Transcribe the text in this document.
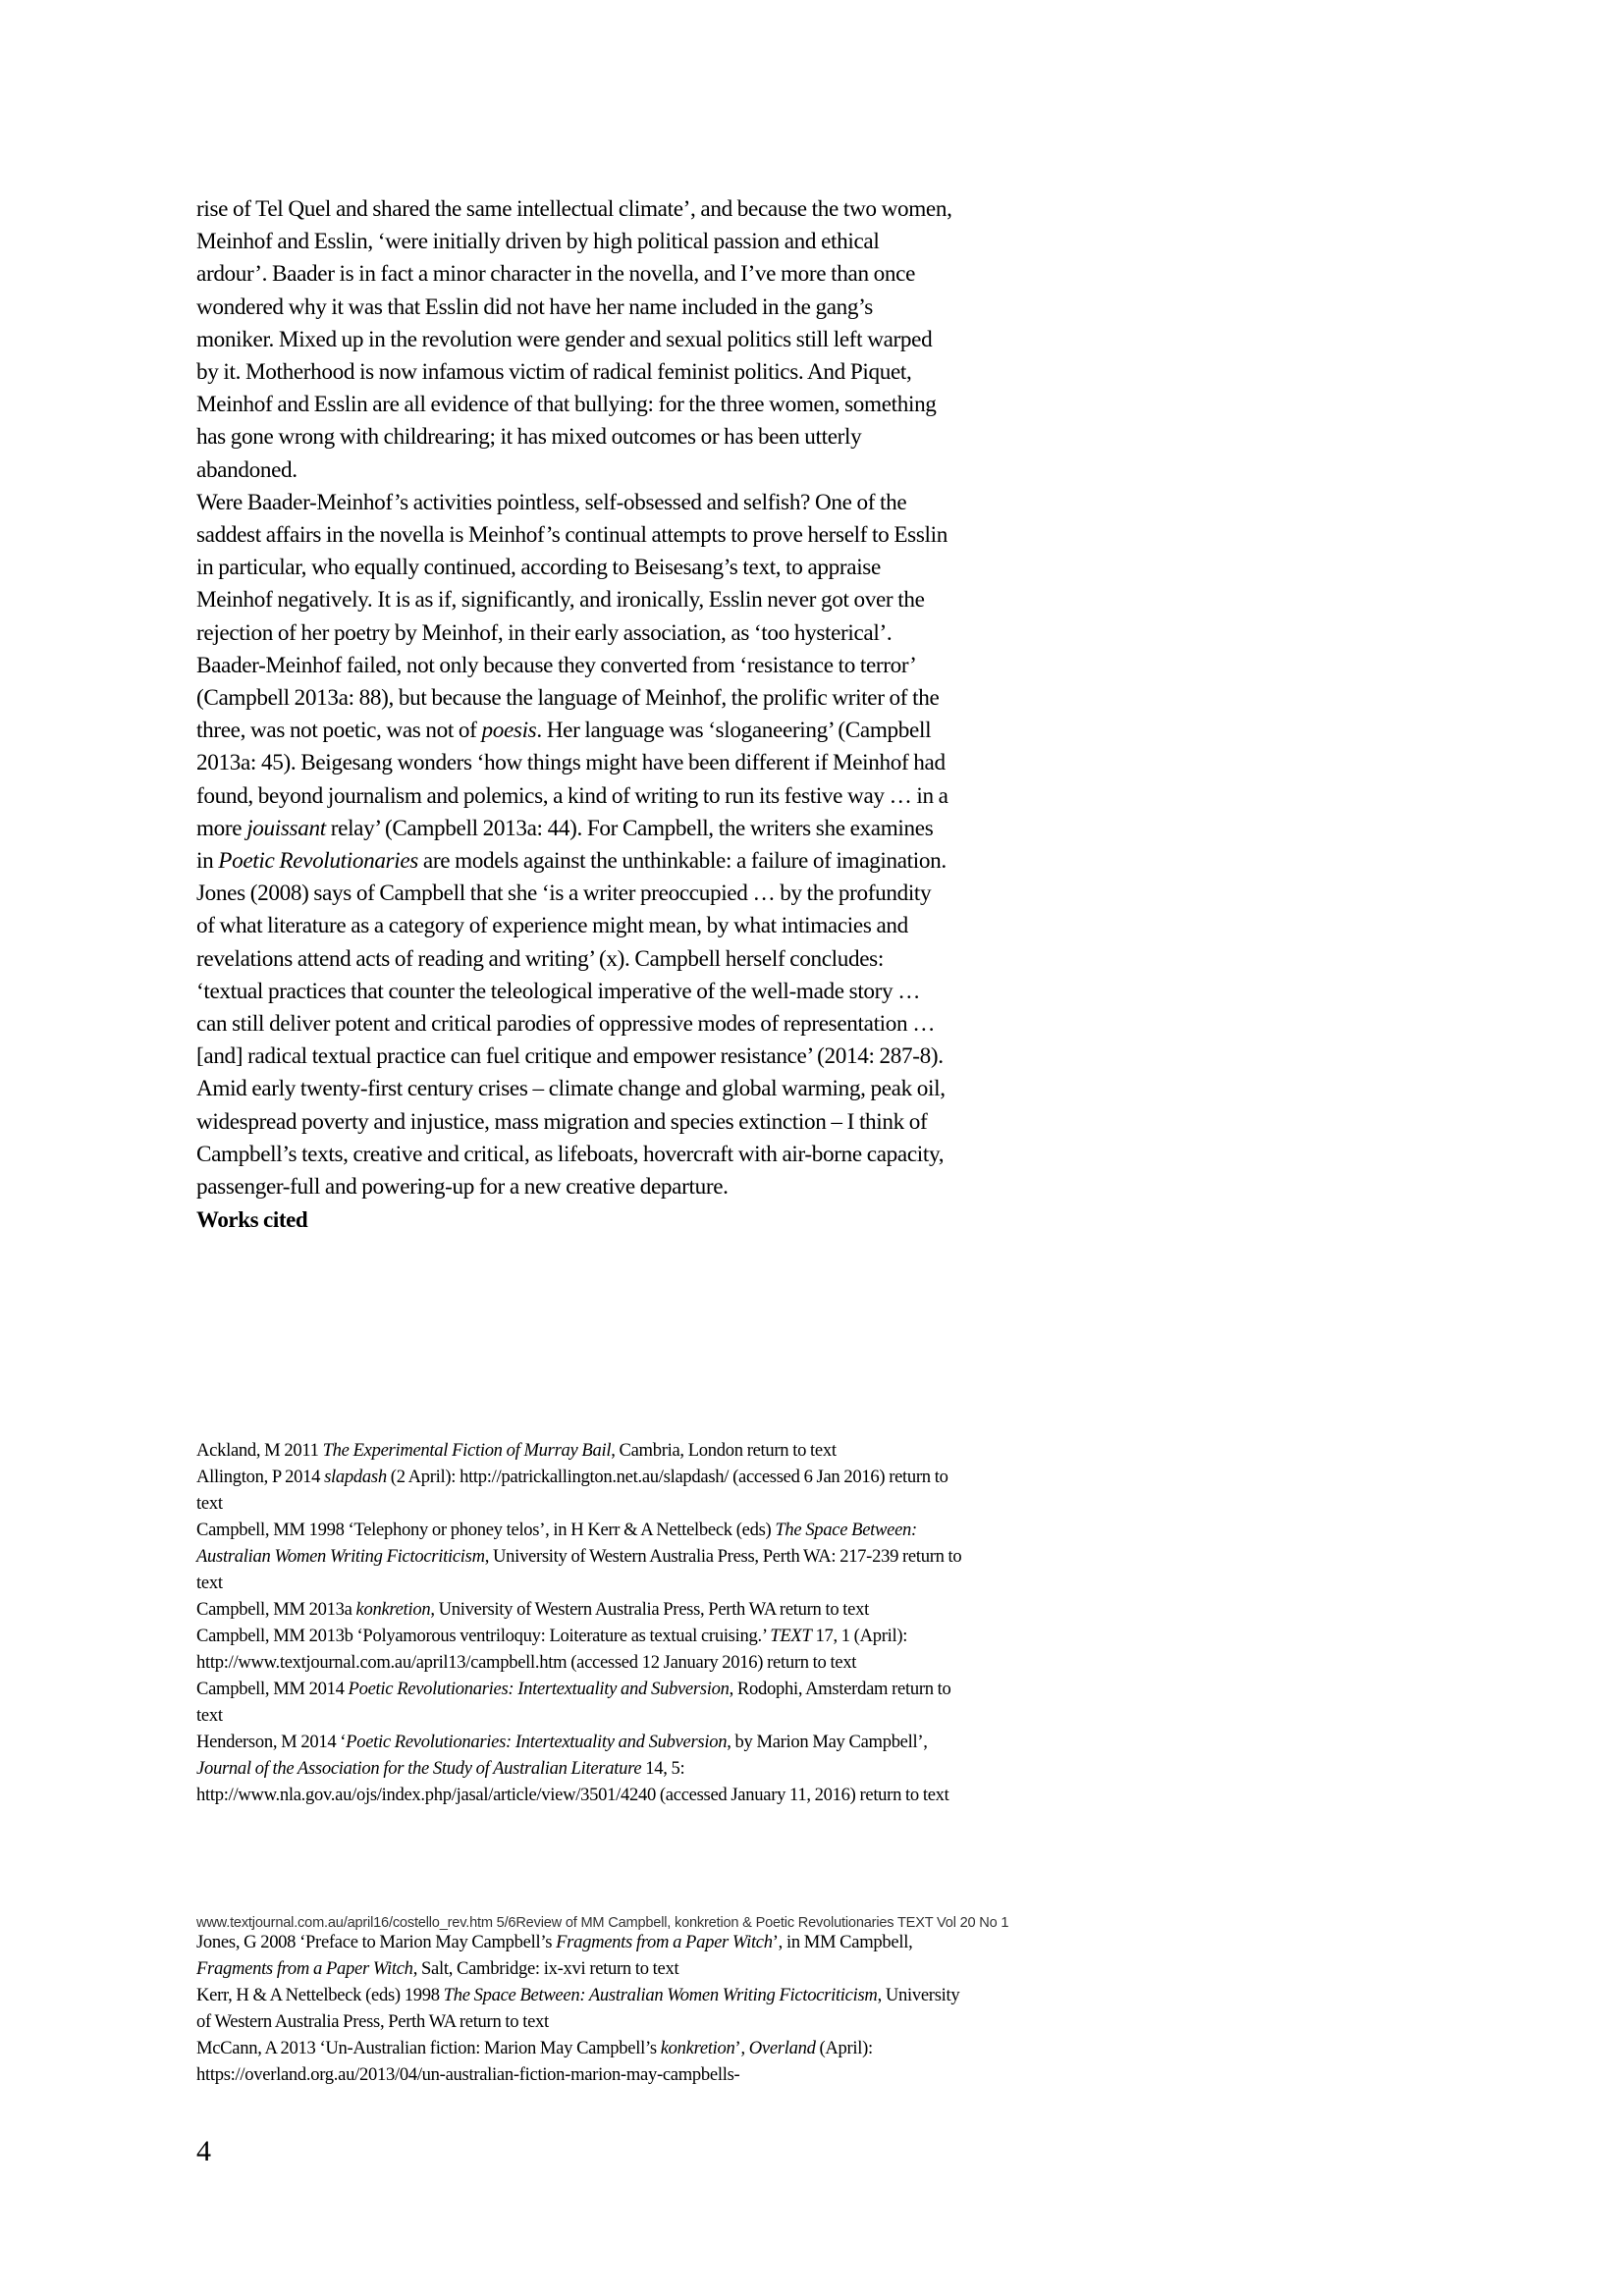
rise of Tel Quel and shared the same intellectual climate’, and because the two women, Meinhof and Esslin, ‘were initially driven by high political passion and ethical ardour’. Baader is in fact a minor character in the novella, and I’ve more than once wondered why it was that Esslin did not have her name included in the gang’s moniker. Mixed up in the revolution were gender and sexual politics still left warped by it. Motherhood is now infamous victim of radical feminist politics. And Piquet, Meinhof and Esslin are all evidence of that bullying: for the three women, something has gone wrong with childrearing; it has mixed outcomes or has been utterly abandoned.

Were Baader-Meinhof’s activities pointless, self-obsessed and selfish? One of the saddest affairs in the novella is Meinhof’s continual attempts to prove herself to Esslin in particular, who equally continued, according to Beisesang’s text, to appraise Meinhof negatively. It is as if, significantly, and ironically, Esslin never got over the rejection of her poetry by Meinhof, in their early association, as ‘too hysterical’.

Baader-Meinhof failed, not only because they converted from ‘resistance to terror’ (Campbell 2013a: 88), but because the language of Meinhof, the prolific writer of the three, was not poetic, was not of poesis. Her language was ‘sloganeering’ (Campbell 2013a: 45). Beigesang wonders ‘how things might have been different if Meinhof had found, beyond journalism and polemics, a kind of writing to run its festive way … in a more jouissant relay’ (Campbell 2013a: 44). For Campbell, the writers she examines in Poetic Revolutionaries are models against the unthinkable: a failure of imagination. Jones (2008) says of Campbell that she ‘is a writer preoccupied … by the profundity of what literature as a category of experience might mean, by what intimacies and revelations attend acts of reading and writing’ (x). Campbell herself concludes: ‘textual practices that counter the teleological imperative of the well-made story … can still deliver potent and critical parodies of oppressive modes of representation … [and] radical textual practice can fuel critique and empower resistance’ (2014: 287-8).

Amid early twenty-first century crises – climate change and global warming, peak oil, widespread poverty and injustice, mass migration and species extinction – I think of Campbell’s texts, creative and critical, as lifeboats, hovercraft with air-borne capacity, passenger-full and powering-up for a new creative departure.

Works cited

Ackland, M 2011 The Experimental Fiction of Murray Bail, Cambria, London return to text

Allington, P 2014 slapdash (2 April): http://patrickallington.net.au/slapdash/ (accessed 6 Jan 2016) return to text

Campbell, MM 1998 ‘Telephony or phoney telos’, in H Kerr & A Nettelbeck (eds) The Space Between: Australian Women Writing Fictocriticism, University of Western Australia Press, Perth WA: 217-239 return to text

Campbell, MM 2013a konkretion, University of Western Australia Press, Perth WA return to text

Campbell, MM 2013b ‘Polyamorous ventriloquy: Loiterature as textual cruising.’ TEXT 17, 1 (April): http://www.textjournal.com.au/april13/campbell.htm (accessed 12 January 2016) return to text

Campbell, MM 2014 Poetic Revolutionaries: Intertextuality and Subversion, Rodophi, Amsterdam return to text

Henderson, M 2014 ‘Poetic Revolutionaries: Intertextuality and Subversion, by Marion May Campbell’, Journal of the Association for the Study of Australian Literature 14, 5: http://www.nla.gov.au/ojs/index.php/jasal/article/view/3501/4240 (accessed January 11, 2016) return to text

www.textjournal.com.au/april16/costello_rev.htm 5/6Review of MM Campbell, konkretion & Poetic Revolutionaries TEXT Vol 20 No 1

Jones, G 2008 ‘Preface to Marion May Campbell’s Fragments from a Paper Witch’, in MM Campbell, Fragments from a Paper Witch, Salt, Cambridge: ix-xvi return to text

Kerr, H & A Nettelbeck (eds) 1998 The Space Between: Australian Women Writing Fictocriticism, University of Western Australia Press, Perth WA return to text

McCann, A 2013 ‘Un-Australian fiction: Marion May Campbell’s konkretion’, Overland (April): https://overland.org.au/2013/04/un-australian-fiction-marion-may-campbells-

4
